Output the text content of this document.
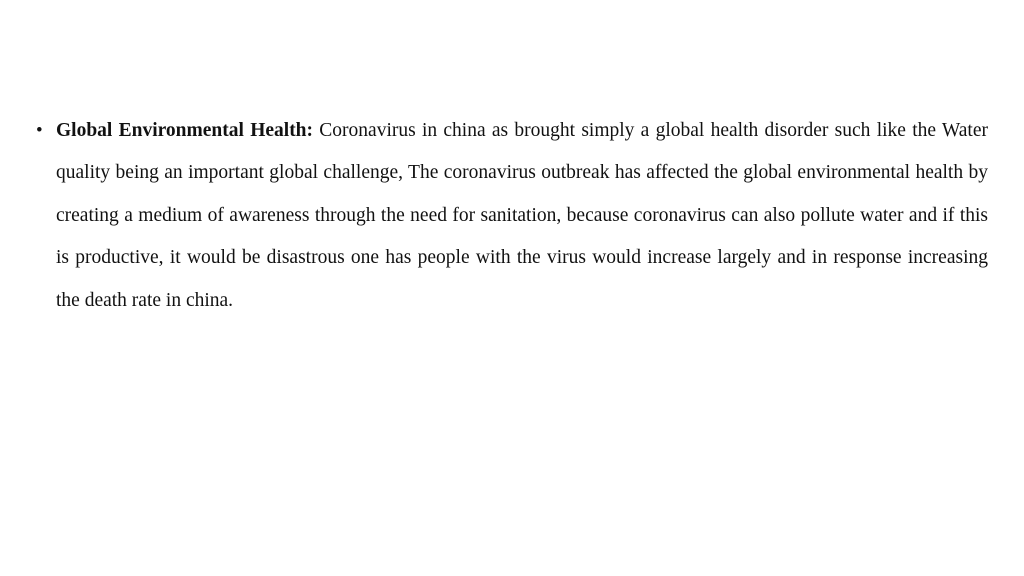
• Global Environmental Health: Coronavirus in china as brought simply a global health disorder such like the Water quality being an important global challenge, The coronavirus outbreak has affected the global environmental health by creating a medium of awareness through the need for sanitation, because coronavirus can also pollute water and if this is productive, it would be disastrous one has people with the virus would increase largely and in response increasing the death rate in china.
